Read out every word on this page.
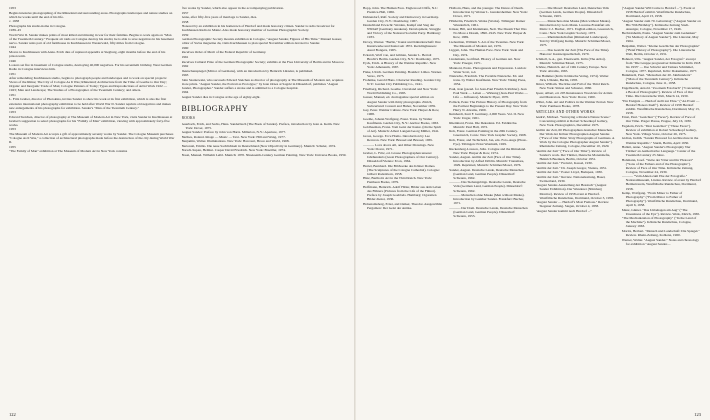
1953

Begins intensive photographing of the Rhineland and surrounding areas. Photographs landscapes and nature studies on which he works until the end of his life.

c. 1938

Photographs his studio-home in Cologne.

1939–45

World War II. Sander makes prints of most killed and missing in war for their families. Begins to work again on "Man of the Twentieth Century." Frequent air raids on Cologne destroy his studio; he is able to save negatives in his basement nervo. Sander rents part of old farmhouse in Kuchhausen in Westerwald, fifty miles from Cologne.

1944

Moves to Kuchhausen with Anna. Erich dies of ruptured appendix at Siegburg, eight months before the end of his prison term.

1946

Looters set fire in basement of Cologne studio, destroying 40,000 negatives. For his seventieth birthday, West German Radio in Cologne interviews him.

1951

After remodeling Kuchhausen studio, begins to photograph people and landscapes and to work on special projects: Views of the Rhine; The City of Cologne As It Was; Rhineland; Architecture from the Time of Goethe to Our Day; Organic and Inorganic Trade of Man; Cologne Painters of Today; Types and Reproductions of Artist Work 1922 — 1923; Man and Landscape; The Studies of a Photographer of the Twentieth Century; and others.

1951

L. Fritz Gruber, director of Photokina, invites Sander to show his work at its first exhibition, which is also the first extensive international photography exhibition to be held after World War II. Sander reprints old negatives and makes new enlargements of his photographs for exhibition. Sander's "Man of the Twentieth Century."

1953

Edward Steichen, director of photography at The Museum of Modern Art in New York, visits Sander in Kuchhausen at Gruber's suggestion to select photographs for his "Family of Man" exhibition, viewing with approximately forty-five works.

1953

The Museum of Modern Art accepts a gift of approximately seventy works by Sander. The Cologne Museum purchases "Cologne As It Was," a collection of architectural photographs made before the destruction of the city during World War II.

1955

"The Family of Man" exhibition at The Museum of Modern Art in New York contains

five works by Sander, which also appear in the accompanying publication.

1957

Anna, after fifty-five years of marriage to Sander, dies.

1958

Honored by an exhibition in his hometown of Herdorf and made honorary citizen. Sander is radio broadcast for Kuchhausen Radio in Mainz. Also made honorary member of German Photographic Society.

1959

German Photographic Society mounts exhibition in Cologne, "August Sander, Figures of His Time." Manuel Gasser, editor of Swiss magazine du, visits Kuchhausen to plan special November edition devoted to Sander.

1960

Receives Order of Merit of the Federal Republic of Germany.

1961

Receives Cultural Prize of the German Photographic Society; exhibits at the Free University of Berlin and in Moscow.

1962

Deutschenspiegel (Mirror of Germans), with an introduction by Heinrich Lützeler, is published.

1963

John Szarkowski, who succeeds Edward Steichen as director of photography at The Museum of Modern Art, acquires more prints. "August Sander, the Portrait as Prototype," by Jean Ornes at Sagolé in Düsseldorf, publishes "August Sander, Photographer." Sander suffers a stroke and is admitted to a Cologne hospital.

1964

August Sander dies in Cologne at the age of eighty-eight.

BIBLIOGRAPHY
BOOKS

Auerbach, Erich, and Sachs, Hans. Sanderbuch (The Book of Sander). Preface, introduction by Jean A. Keim. New York: Dover, 1975.

August Sander: Preface by John von Hartz. Millerton, N.Y.: Aperture, 1977.

Barthes, Roland. Image — Music — Text. New York: Hill and Wang, 1977.

Benjamin, Walter. Illuminations. New York: Harcourt, Brace and World, 1968.

Bertonati, Emilio. Die neue Sachlichkeit in Deutschland (New Objectivity in Germany). Munich: Schuler, 1974.

Borsch-Supan, Helmut. Caspar David Friedrich. New York: Braziller, 1974.

Bossi, Manuel. Wilhelm Leibl. Munich: 1970. Nineteenth-Century German Painting. New York: Universe Books, 1959.

122

Bopp, John. The Human Face. Englewood Cliffs, N.J.: Prentice-Hall, 1966.

Dahrendorf, Ralf. Society and Democracy in Germany. Garden City, N.Y.: Doubleday, 1967.

Deutschland Erwacht: Werden, Kampf und Sieg der NSDAP (Germany Awakens). Development, Struggle and Victory of the National Socialist Party. Hamburg: 1933.

Dovey, Werner. "Berlin," Kunst und Künstlerschaft: Ihre Kunstwerke und Kunst seit 1872. Recklinghausen: Aurel Bongers, 1965.

Eckardt, Wolf von, and Gilman, Sander L. Bertolt Brecht's Berlin. Garden City, N.Y.: Doubleday, 1975.

Eyck, Erich. A History of the Weimar Republic. New York: Atheneum, 1967.

Fiske, Ulrich. German Painting. Boulder: Lithos. Warner. Verso, 1975.

Frohnike, Gerold Hans. Character Reading. Garden City, N.Y.: Garden City Publishing Co., 1941.

Friedberg, Richard. Goethe. Cleveland and New York: World Publishing Co., 1965.

Gasser, Manuel, ed. du magazine special edition on August Sander with thirty photographs. Zürich, Switzerland: Conzett and Huber, November 1959.

Gay, Peter. Weimar Culture. New York: Harper & Row, 1968.

Goethe, Johann Wolfgang. Faust. Trans. by Walter Kaufmann. Garden City, N.Y.: Anchor Books, 1963.

Goldbeeman, Franz. Vom Geist der Kunst. (On the Spirit of Art). Munich: Albert Langen/Georg Müller, 1941.

Grosz, George. Ecce Homo. Introduction by Lee Reveron. New York: Brussel and Brussel, 1965.

———. Love above All, and Other Drawings. New York: Dover, 1971.

Gruber, L. Fritz, ed. Grosse Photographen unserer Jahrhunderts (Great Photographers of Our Century). Düsseldorf/Vienna: Econ, 1964.

Hertel, Bernhard. Die Bildwerke des Kölner Domes. (The Sculptures of the Cologne Cathedral). Cologne: Gilbert Rodenborn, 1958.

Hinz, Berthold. Art in the Third Reich. New York: Pantheon Books, 1979.

Hoffmann, Heinrich. Adolf Hitler, Bilder aus dem Leben des Führers (Pictures from the Life of the Führer). Preface by Joseph Goebbels. Hamburg: Cigaretten Bilder dienst, 1936.

Hohenamsberg, Ernst, and Oetker, Theodor. Ausgewählte Pergamon: Der Geist der Antike.

Holborn, Hans, and the younger. The Dance of Death. Introduction by Werner L. Gundersheimer. New York: Dover, 1971.

Hölderlin, Friedrich. Werke (Works). Tübingen: Rainer Wunderlich, 1961.

Kinser, Bill, and Kleinmann, Neil. The Dream That Was No More a Dream, 1890–1945. New York: Harper & Row, 1969.

Lieberman, William S. Art of the Twenties. New York: The Museum of Modern Art, 1979.

Liggett, John. The Human Face. New York: Stein and Day, 1974.

Lindemann, Gottfried. History of German Art. New York: Praeger, 1971.

Mannoni, Paolo. Photogenesis and Expression. London: Water Scott, n.d.

Nietzsche, Friedrich. The Portable Nietzsche. Ed. and trans. by Walter Kaufmann. New York: Viking Press, 1954.

Paul, Jean (pseud. for Jean-Paul Friedrich Richter). Jean Paul Werk — Leben — Wirkung (Jean-Paul Works — Life — Influence). Munich: Piper, 1970.

Pollack, Peter. The Picture History of Photography from the Earliest Beginnings to the Present Day. New York: Harry N. Abrams, 1969.

Reinhardt, Kurt F. Germany, 2,000 Years. Vol. II. New York: Ungar, 1961.

Rheinhard, Franz. Die Dekadenz. Ed. Feldkirche. Munich: Paul Hall, 1972.

Roh, Franz. German Painting in the 20th Century. Greenwich, Conn.: New York Graphic Society, 1968.

Roh, Franz, and Tschichold, Jan, eds. Foto-Auge (Photo-Eye). Tübingen: Ernst Wasmuth, 1929.

Ruckenberg-Lawson, Julia. Cologne and the Rhineland. New York: Harper & Row, 1974.

Sander, August. Antlitz der Zeit (Face of Our Time). Introduction by Alfred Döblin. Munich: Transmare, 1929. Reprinted, Munich: Schirmer/Mosel, 1976.

Sander, August. Deutsche Lande, Deutsche Menschen (German Land, German People). Düsseldorf: Schwann, 1962.

———. Das Siebengebirge. Deutsche Lande, Deutsche Volk (German Land, German People). Düsseldorf: Schwann, 1962.

———. Menschen ohne Maske (Men without Masks). Introduction by Gunther Sander. Frankfurt: Bucher, 1971.

———. Der Dom. Deutsche Lande, Deutsche Menschen (German Land, German People). Düsseldorf: Schwann, 1953.

———. Die Mosel: Deutsches Land, Deutsches Volk (German Lands, German People). Düsseldorf: Schwann, 1963.

———. Menschen ohne Maske (Men without Masks). Introduction by Golo Mann. Lucerne-Frankfurt am Main: C.J. Bucher, 1971. English edition, Greenwich, Conn.: New York Graphic Society, 1973.

———. Rheinlandschaften (Rhineland Landscapes). Text by Wolfgang Kemp. Munich: Schirmer/Mosel, 1975.

———. Das Gesicht der Zeit (The Face of the Time). Hanover: Kestnergesellschaft, 1979.

Schmoll, G.A., gen. Eisenwerth. Köln (The Artist). Munich: Schirmer/Mosel, 1975.

Schöne, Heinrich. Art of 19th Century Europe. New York: Abrams, 1965.

Das Hammer (Köln: Kölnische Verlag, 1974). Walter Jörn, Ullstein, Berlin, 1958.

Shirer, William. The Rise and Fall of the Third Reich. New York: Simon and Schuster, 1960.

Speer, Albert, ed. 205 Renaissance Woodcuts for Artists and Illustrators. New York: Dover, 1960.

Willet, John. Art and Politics in the Weimar Period. New York: Pantheon Books, 1978.

ARTICLES AND OTHER WORKS

Andrić, Michael. "Surveying a Modern Nature Scene." Concerning exhibit at Robert Schoelkopf Gallery, New York. Photographics, December 1975.

Antlitz der Zeit, 60 Photographien deutscher Menschen. Der Werk der Kölner Photographen August Sander. ("Face of Our Time: Sixty Photographs of Germans. A Work by the Cologne Photographer August Sander"). Rheinische Zeitung, Cologne, December 10, 1929.

"Antlitz der Zeit" ("Face of Our Time"). Review of Sander's work. Der Türmer, Deutsche Monatshefte, Heinrich Beenken, Berlin, October 1931.

"Antlitz der Zeit." Freiwirt, Kassel, 1930.

"Antlitz der Zeit." Dr. Joseph Gregor, Vienna, 1931.

"Antlitz der Zeit." Poster Lloyd, Budapest, 1930.

"Antlitz der Zeit." Review. Nationalzeitung, Basel, Switzerland, 1930.

"August Sander-Ausstellung der Hessisch" (August Sander Exhibition). Der Wunderer (Nürnberg Monitor). Review of 1958 event at Herdorf. Westfälische Rundschau, Dortmund, October 3, 1958.

"August Sander — Herdorf's Most Famous." Review. Siegener Zeitung. Siegen, October 4, 1958.

"August Sander kommt nach Herdorf ..."

("August Sander Will Come to Herdorf ..."). Event at 1958 Herdorf exhibit. Westfälische Rundschau, Dortmund, April 13, 1958.

"August Sander zum 70. Geburtstag" ("August Sander on His 70th Birthday"). Kölnische Zeitung Stadt-Anzeiger, Cologne, November 17, 1946.

Bechtolsheim, Paula. "August Sander zum Gedenken" ("In Memory of August Sander"). Die Literatur, May 1964.

Benjamin, Walter. "Kleine Geschichte der Photographie" ("Brief History of Photography"). Die Literarische Welt, Berlin, October 2, 1931.

Bohnert, Ulla. "August Sander, der Fotograf." excerpt from "Die Gruppe progressiver Künstler in Köln 1918 bis 1933" — Ilse Schwitz und Tamara Schimmel, Cologne, 1977. Reprinted, Köln: Dokumente, 1977.

Bunkhardt, Paul. "Menschen der 20. Jahrhunderts" ("Man of the Twentieth Century"). Kölnische Rundschau, Cologne, June 11, 1958.

Engelbrecht, Arnold. "Zu einem Fotobuch" ("Concerning a Book of Photographs"). Review of Face of Our Time. Die Literarische Welt, March 14, 1930.

"Ein Ereignis — Herdorf stellt zur Ehre." ("An Event — Herdorf Honors Itself"). Review of 1958 Herdorf exhibit. Westfälische Rundschau, Dortmund, May 13, 1958.

Ernst, Paul. "Gesichter" ("Faces"). Review of Face of Our Time. Prager Presse, Prague, July 16, 1930.

Fegelein, Erich. "Drei Gesichter" ("Three Faces"). Review of exhibition at Robert Schoelkopf Gallery, New York. Village Voice, October 26, 1975.

Gidion, Judith. "Sander Honored for Architecture in the Weimar Republic." Sturm, Berlin, April 1930.

Hallett, Anne. "August Sander's Photography 'Der Türmer' an Authoritative Language." Center of the Twentieth Century 25 Jahre.

Hohmann, Josef. "Siebe der Väter und ihr Photoart" ("Sons of the Fathers and of the Photographs"). Review of Face of Our Time. Kölnische Zeitung, Cologne, November 24, 1930.

———. "Vom Ahnen zum Ehe der Fotografie." Nationalmuseum, Lindau. Review of event by Herdorf Heimatverein, Westfälische Rundschau, Dortmund, 1958.

Kemp, Wolfgang. "From Minor to Father of Photography" ("From Minor to Father of Photography"). Westfälische Rundschau, Dortmund, April 6, 1958.

Manz, Günter. "Das Unbehagen am Aug" ("The Uneasiness of the Eye"). Review. Werk, Zürich, 1965.

"The Mechanization of Photography" ("In the Land of the Machine"). Kölnische Rundschau, Cologne, January 1963.

Moritz, Herbert. "Mensch und Landschaft: Die Spiegel." Review. Rhein-Zeitung, Koblenz, 1960.

Werner, Walter. "August Sander." Notes and chronology for exhibition "August Sander—

123
